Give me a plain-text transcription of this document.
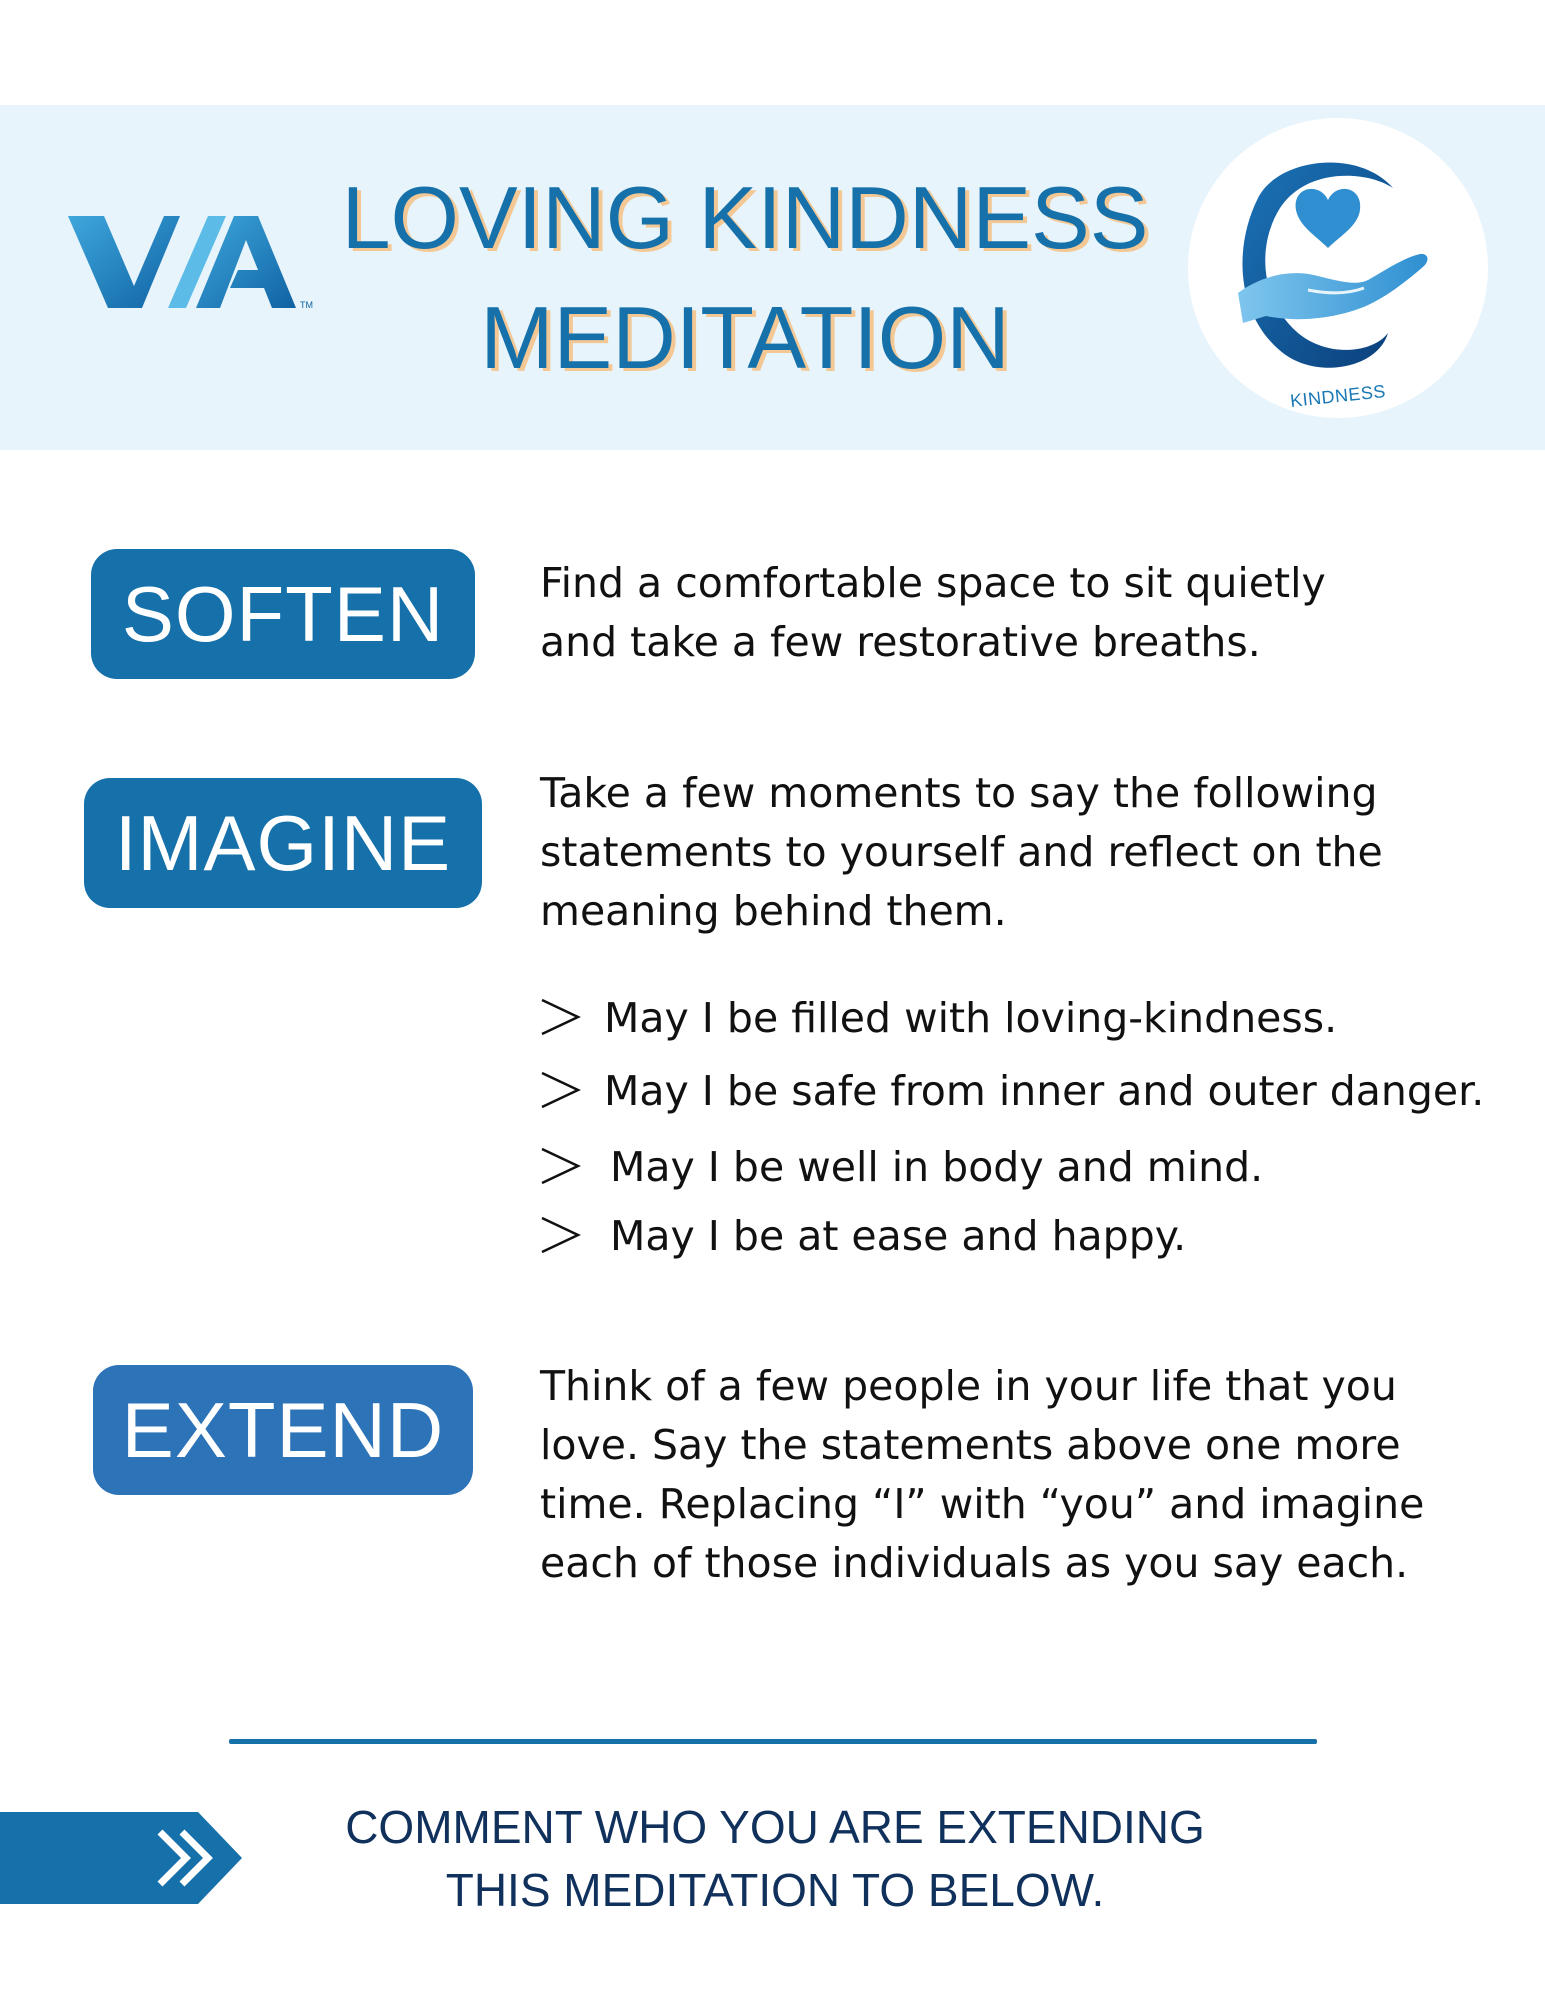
TM
LOVING KINDNESS
MEDITATION
KINDNESS
SOFTEN	Find a comfortable space to sit quietly
and take a few restorative breaths.
IMAGINE
Take a few moments to say the following
statements to yourself and reflect on the
meaning behind them.
May I be filled with loving-kindness.
May I be safe from inner and outer danger.
May I be well in body and mind.
May I be at ease and happy.
EXTEND	Think of a few people in your life that you
love. Say the statements above one more
time. Replacing “I” with “you” and imagine
each of those individuals as you say each.
COMMENT WHO YOU ARE EXTENDING
THIS MEDITATION TO BELOW.
